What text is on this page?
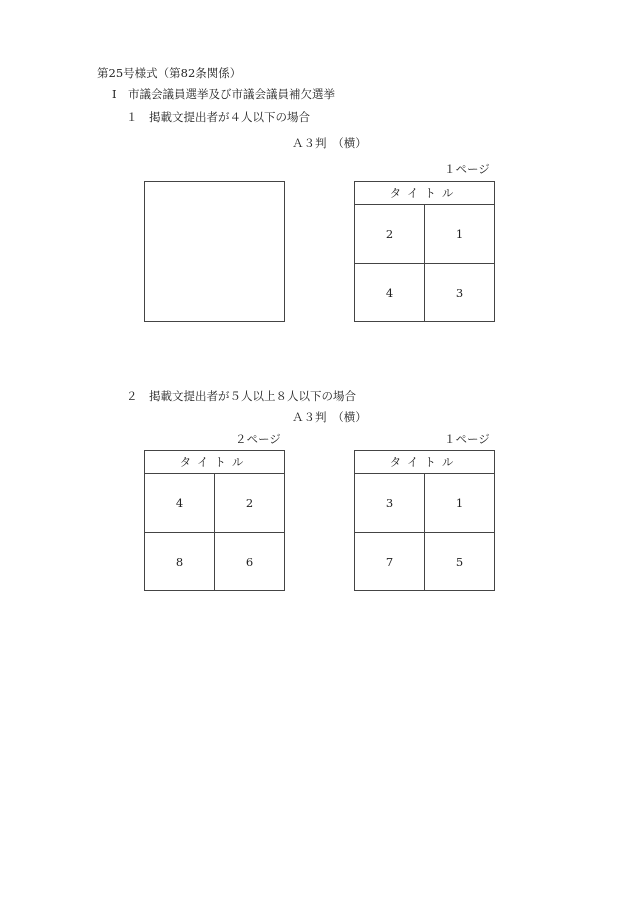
第25号様式（第82条関係）
Ⅰ　市議会議員選挙及び市議会議員補欠選挙
１　掲載文提出者が４人以下の場合
Ａ３判　（横）
１ページ
タイトル
2	1
4	3
２　掲載文提出者が５人以上８人以下の場合
Ａ３判　（横）
２ページ	１ページ
タイトル
4	2
8	6
タイトル
3	1
7	5
